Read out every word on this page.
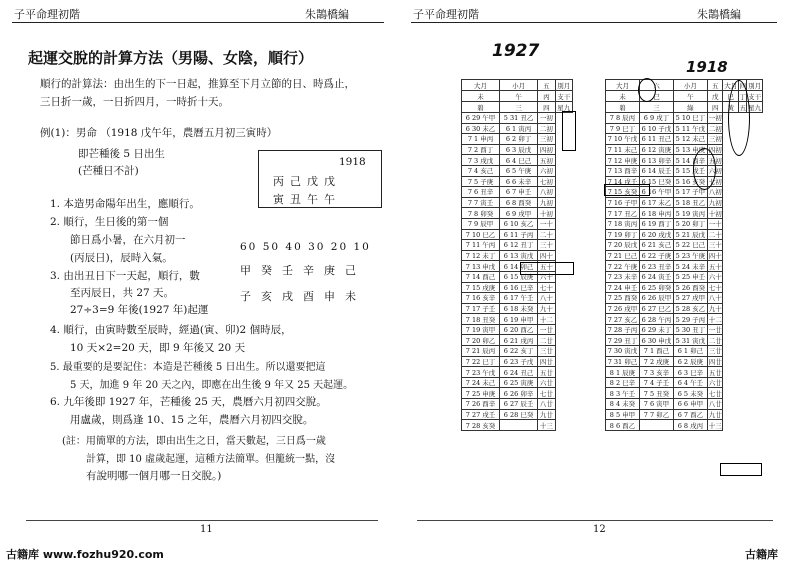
子平命理初階	朱鵲橋編
起運交脫的計算方法（男陽、女陰，順行）
順行的計算法：由出生的下一日起，推算至下月立節的日、時爲止，
三日折一歲，一日折四月，一時折十天。
例(1)：男命 （1918 戊午年，農曆五月初三寅時）
即芒種後 5 日出生
(芒種日不計)
1918
丙己戊戊
寅丑午午
1. 本造男命陽年出生，應順行。
2. 順行，生日後的第一個
節日爲小暑，在六月初一
(丙辰日)，辰時入氣。
3. 由出丑日下一天起，順行，數
至丙辰日，共 27 天。
27÷3=9 年後(1927 年)起運
60 50 40 30 20 10
甲癸壬辛庚己
子亥戌酉申未
4. 順行，由寅時數至辰時，經過(寅、卯)2 個時辰，
10 天×2=20 天，即 9 年後又 20 天
5. 最重要的是要記住：本造是芒種後 5 日出生。所以還要把這
5 天，加進 9 年 20 天之內，即應在出生後 9 年又 25 天起運。
6. 九年後即 1927 年，芒種後 25 天，農曆六月初四交脫。
用盧歲，則爲逢 10、15 之年，農曆六月初四交脫。
(註：用簡單的方法，即由出生之日，當天數起，三日爲一歲
計算，即 10 虛歲起運，這種方法簡單。但籠統一點，沒
有說明哪一個月哪一日交脫。)
11
子平命理初階	朱鵲橋編
12
1927
1918
大月	小月	五	別月
未	午	丙	支干
碧	三	四	星九
6 29 午甲	5 31 丑乙	一初	
6 30 未乙	6 1 寅丙	二初	
7 1 申丙	6 2 卯丁	三初	
7 2 酉丁	6 3 辰戊	四初	
7 3 戌戊	6 4 巳己	五初	
7 4 亥己	6 5 午庚	六初	
7 5 子庚	6 6 未辛	七初	
7 6 丑辛	6 7 申壬	八初	
7 7 寅壬	6 8 酉癸	九初	
7 8 卯癸	6 9 戌甲	十初	
7 9 辰甲	6 10 亥乙	一十	
7 10 巳乙	6 11 子丙	二十	
7 11 午丙	6 12 丑丁	三十	
7 12 未丁	6 13 寅戊	四十	
7 13 申戊	6 14 卯己	五十	
7 14 酉己	6 15 辰庚	六十	
7 15 戌庚	6 16 巳辛	七十	
7 16 亥辛	6 17 午壬	八十	
7 17 子壬	6 18 未癸	九十	
7 18 丑癸	6 19 申甲	十二	
7 19 寅甲	6 20 酉乙	一廿	
7 20 卯乙	6 21 戌丙	二廿	
7 21 辰丙	6 22 亥丁	三廿	
7 22 巳丁	6 23 子戊	四廿	
7 23 午戊	6 24 丑己	五廿	
7 24 未己	6 25 寅庚	六廿	
7 25 申庚	6 26 卯辛	七廿	
7 26 酉辛	6 27 辰壬	八廿	
7 27 戌壬	6 28 巳癸	九廿	
7 28 亥癸		十三	
大月	六	小月	五	大月	四	別月
未	己	午	戊	巳	丁	支干
碧	三	綠	四	黃	五	星九
7 8 辰丙	6 9 戌丁	5 10 巳丁	一初			
7 9 巳丁	6 10 子戊	5 11 午戊	二初			
7 10 午戊	6 11 丑己	5 12 未己	三初			
7 11 未己	6 12 寅庚	5 13 申庚	四初			
7 12 申庚	6 13 卯辛	5 14 酉辛	五初			
7 13 酉辛	6 14 辰壬	5 15 戌壬	六初			
7 14 戌壬	6 15 巳癸	5 16 亥癸	七初			
7 15 亥癸	6 16 午甲	5 17 子甲	八初			
7 16 子甲	6 17 未乙	5 18 丑乙	九初			
7 17 丑乙	6 18 申丙	5 19 寅丙	十初			
7 18 寅丙	6 19 酉丁	5 20 卯丁	一十			
7 19 卯丁	6 20 戌戊	5 21 辰戊	二十			
7 20 辰戊	6 21 亥己	5 22 巳己	三十			
7 21 巳己	6 22 子庚	5 23 午庚	四十			
7 22 午庚	6 23 丑辛	5 24 未辛	五十			
7 23 未辛	6 24 寅壬	5 25 申壬	六十			
7 24 申壬	6 25 卯癸	5 26 酉癸	七十			
7 25 酉癸	6 26 辰甲	5 27 戌甲	八十			
7 26 戌甲	6 27 巳乙	5 28 亥乙	九十			
7 27 亥乙	6 28 午丙	5 29 子丙	十二			
7 28 子丙	6 29 未丁	5 30 丑丁	一廿			
7 29 丑丁	6 30 申戊	5 31 寅戊	二廿			
7 30 寅戊	7 1 酉己	6 1 卯己	三廿			
7 31 卯己	7 2 戌庚	6 2 辰庚	四廿			
8 1 辰庚	7 3 亥辛	6 3 巳辛	五廿			
8 2 巳辛	7 4 子壬	6 4 午壬	六廿			
8 3 午壬	7 5 丑癸	6 5 未癸	七廿			
8 4 未癸	7 6 寅甲	6 6 申甲	八廿			
8 5 申甲	7 7 卯乙	6 7 酉乙	九廿			
8 6 酉乙		6 8 戌丙	十三			
古籍库 www.fozhu920.com	古籍库
